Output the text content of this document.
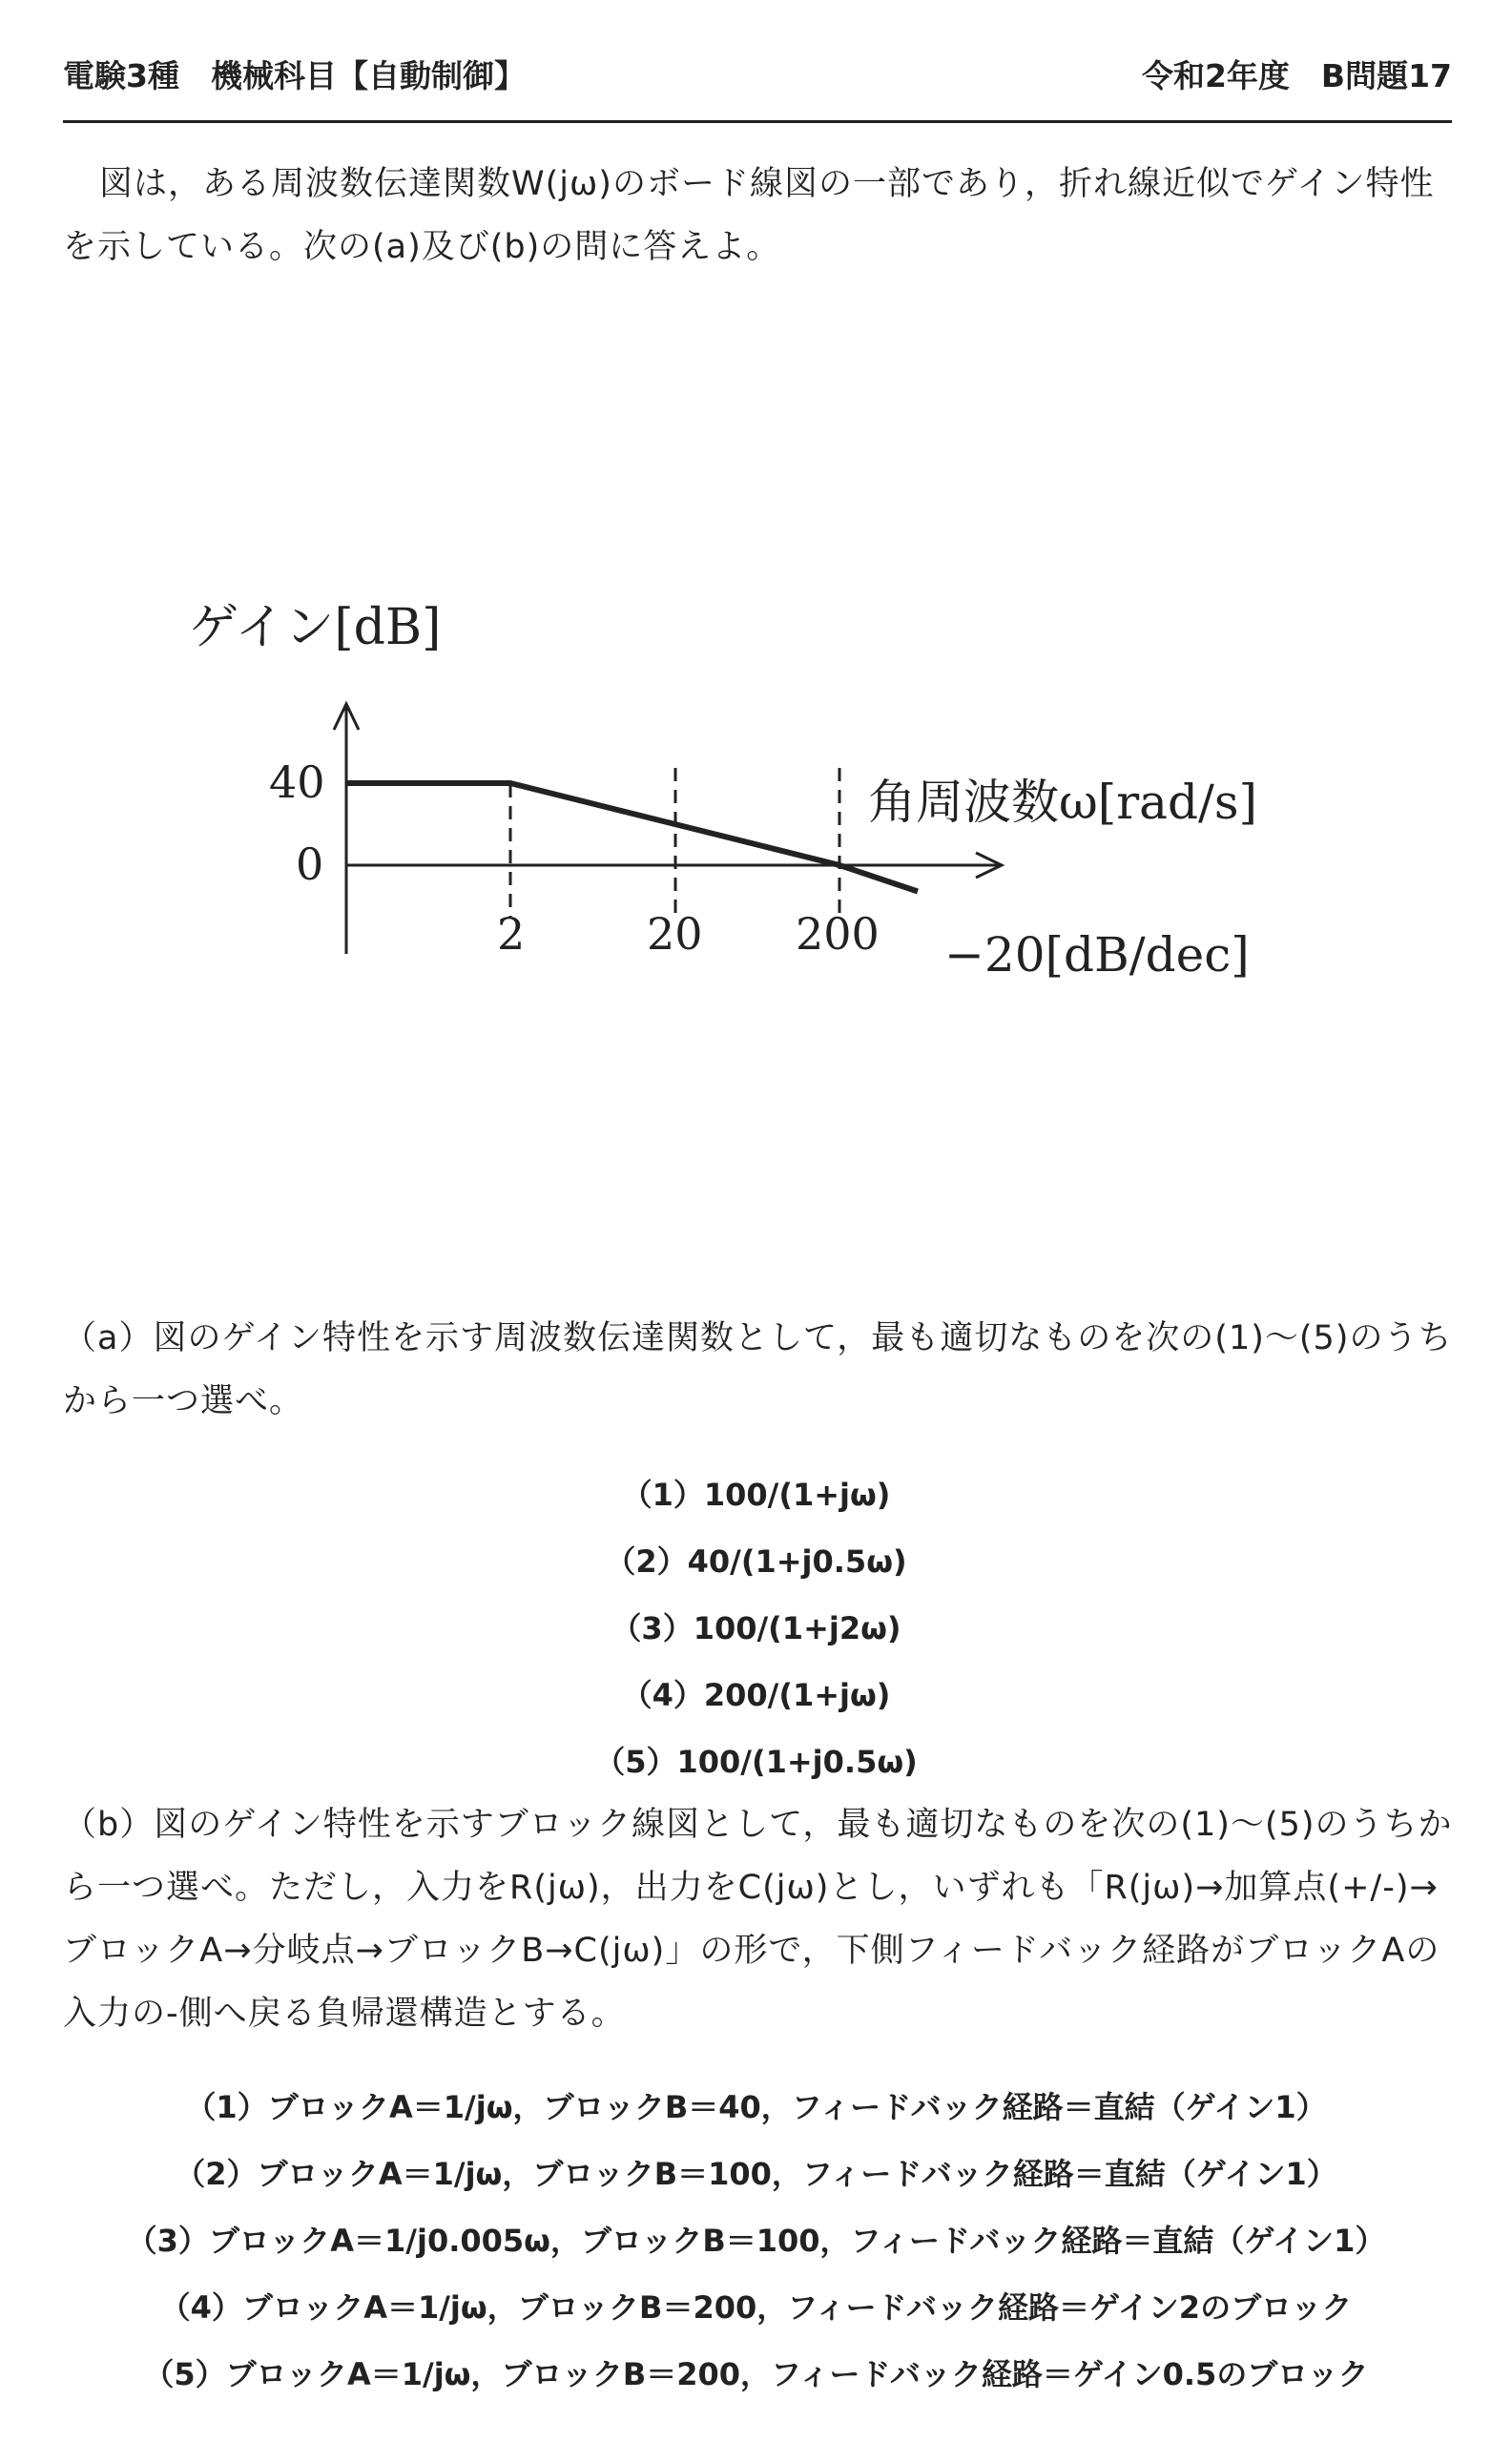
電験3種　機械科目【自動制御】	令和2年度　B問題17
図は，ある周波数伝達関数W(jω)のボード線図の一部であり，折れ線近似でゲイン特性を示している。次の(a)及び(b)の問に答えよ。
ゲイン[dB]
角周波数ω[rad/s]
40
0
2	20 200 −20[dB/dec]
（a）図のゲイン特性を示す周波数伝達関数として，最も適切なものを次の(1)〜(5)のうちから一つ選べ。
（1）100/(1+jω)
（2）40/(1+j0.5ω)
（3）100/(1+j2ω)
（4）200/(1+jω)
（5）100/(1+j0.5ω)
（b）図のゲイン特性を示すブロック線図として，最も適切なものを次の(1)〜(5)のうちから一つ選べ。ただし，入力をR(jω)，出力をC(jω)とし，いずれも「R(jω)→加算点(+/-)→ブロックA→分岐点→ブロックB→C(jω)」の形で，下側フィードバック経路がブロックAの入力の-側へ戻る負帰還構造とする。
（1）ブロックA＝1/jω，ブロックB＝40，フィードバック経路＝直結（ゲイン1）
（2）ブロックA＝1/jω，ブロックB＝100，フィードバック経路＝直結（ゲイン1）
（3）ブロックA＝1/j0.005ω，ブロックB＝100，フィードバック経路＝直結（ゲイン1）
（4）ブロックA＝1/jω，ブロックB＝200，フィードバック経路＝ゲイン2のブロック
（5）ブロックA＝1/jω，ブロックB＝200，フィードバック経路＝ゲイン0.5のブロック
